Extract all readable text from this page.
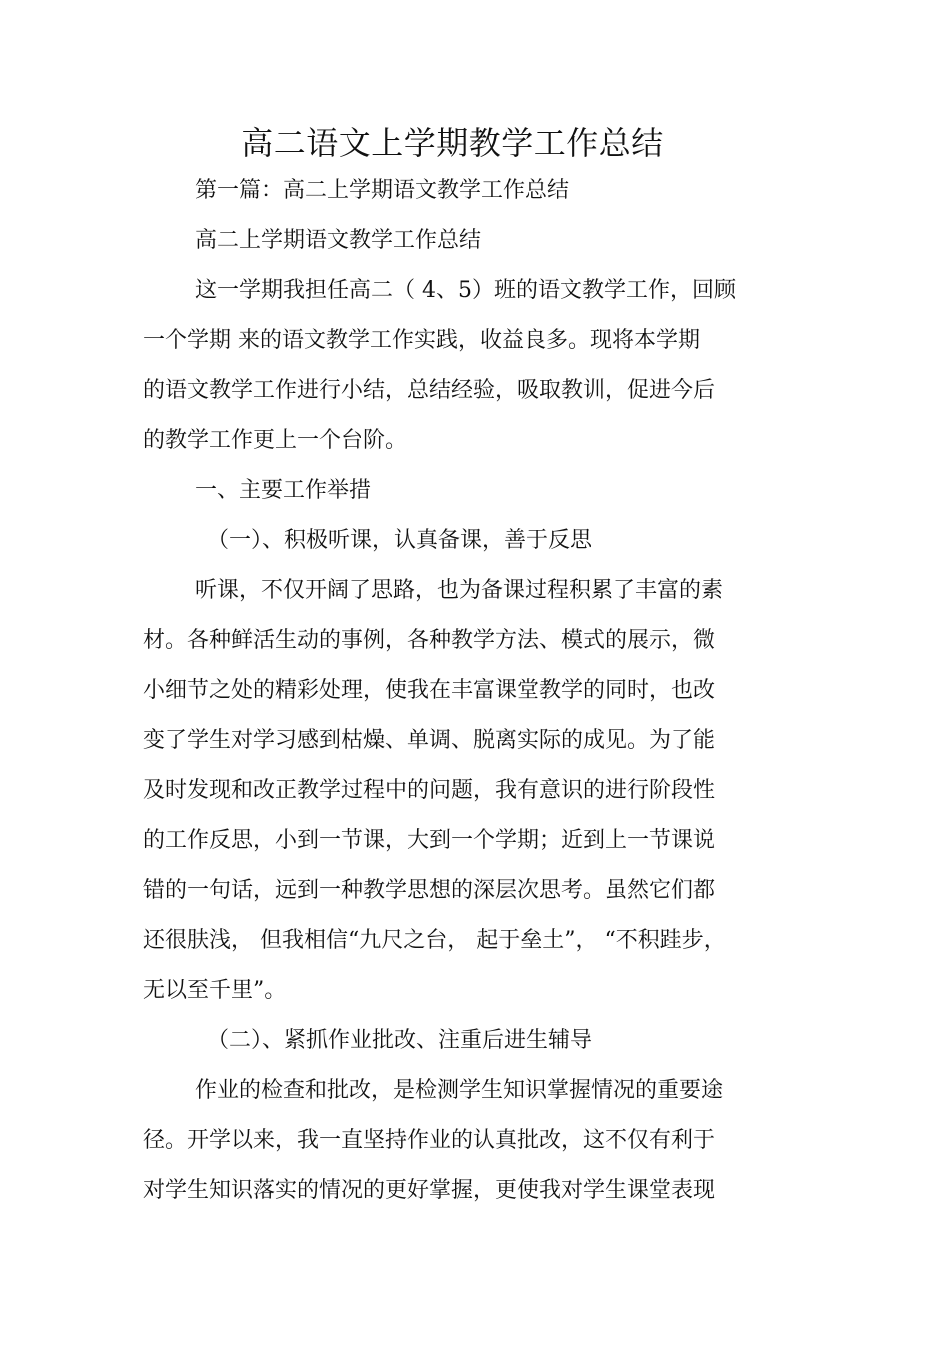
高二语文上学期教学工作总结
第一篇：高二上学期语文教学工作总结
高二上学期语文教学工作总结
这一学期我担任高二（ 4、5）班的语文教学工作，回顾
一个学期 来的语文教学工作实践，收益良多。现将本学期
的语文教学工作进行小结，总结经验，吸取教训，促进今后
的教学工作更上一个台阶。
一、主要工作举措
（一）、积极听课，认真备课，善于反思
听课，不仅开阔了思路，也为备课过程积累了丰富的素
材。各种鲜活生动的事例，各种教学方法、模式的展示，微
小细节之处的精彩处理，使我在丰富课堂教学的同时，也改
变了学生对学习感到枯燥、单调、脱离实际的成见。为了能
及时发现和改正教学过程中的问题，我有意识的进行阶段性
的工作反思，小到一节课，大到一个学期；近到上一节课说
错的一句话，远到一种教学思想的深层次思考。虽然它们都
还很肤浅， 但我相信“九尺之台， 起于垒土”， “不积跬步，
无以至千里”。
（二）、紧抓作业批改、注重后进生辅导
作业的检查和批改，是检测学生知识掌握情况的重要途
径。开学以来，我一直坚持作业的认真批改，这不仅有利于
对学生知识落实的情况的更好掌握，更使我对学生课堂表现
